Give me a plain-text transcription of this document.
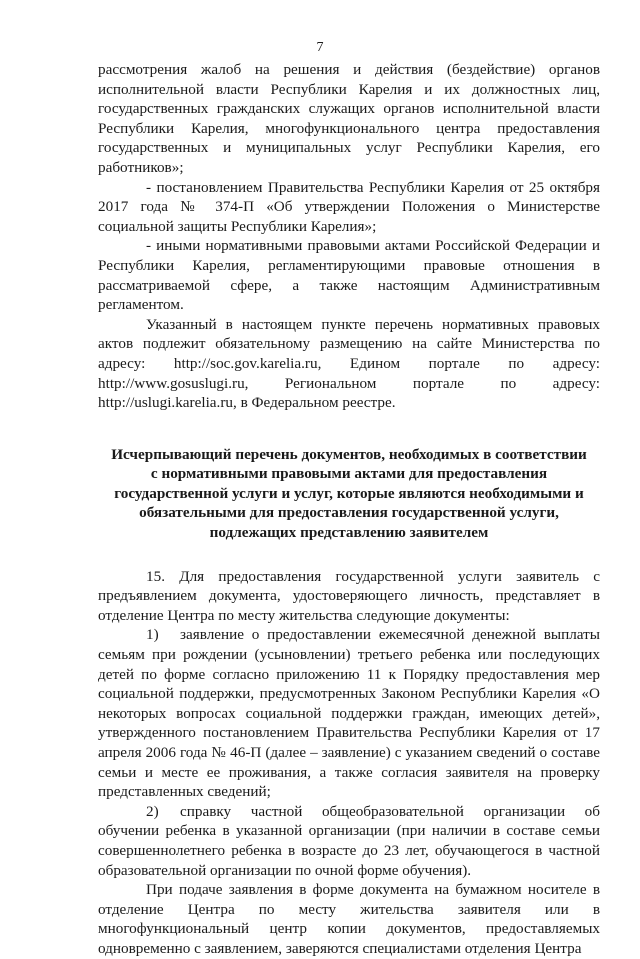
7

рассмотрения жалоб на решения и действия (бездействие) органов исполнительной власти Республики Карелия и их должностных лиц, государственных гражданских служащих органов исполнительной власти Республики Карелия, многофункционального центра предоставления государственных и муниципальных услуг Республики Карелия, его работников»;

- постановлением Правительства Республики Карелия от 25 октября 2017 года № 374-П «Об утверждении Положения о Министерстве социальной защиты Республики Карелия»;

- иными нормативными правовыми актами Российской Федерации и Республики Карелия, регламентирующими правовые отношения в рассматриваемой сфере, а также настоящим Административным регламентом.

Указанный в настоящем пункте перечень нормативных правовых актов подлежит обязательному размещению на сайте Министерства по адресу: http://soc.gov.karelia.ru, Едином портале по адресу: http://www.gosuslugi.ru, Региональном портале по адресу: http://uslugi.karelia.ru, в Федеральном реестре.

Исчерпывающий перечень документов, необходимых в соответствии с нормативными правовыми актами для предоставления государственной услуги и услуг, которые являются необходимыми и обязательными для предоставления государственной услуги, подлежащих представлению заявителем

15. Для предоставления государственной услуги заявитель с предъявлением документа, удостоверяющего личность, представляет в отделение Центра по месту жительства следующие документы:

1) заявление о предоставлении ежемесячной денежной выплаты семьям при рождении (усыновлении) третьего ребенка или последующих детей по форме согласно приложению 11 к Порядку предоставления мер социальной поддержки, предусмотренных Законом Республики Карелия «О некоторых вопросах социальной поддержки граждан, имеющих детей», утвержденного постановлением Правительства Республики Карелия от 17 апреля 2006 года № 46-П (далее – заявление) с указанием сведений о составе семьи и месте ее проживания, а также согласия заявителя на проверку представленных сведений;

2) справку частной общеобразовательной организации об обучении ребенка в указанной организации (при наличии в составе семьи совершеннолетнего ребенка в возрасте до 23 лет, обучающегося в частной образовательной организации по очной форме обучения).

При подаче заявления в форме документа на бумажном носителе в отделение Центра по месту жительства заявителя или в многофункциональный центр копии документов, предоставляемых одновременно с заявлением, заверяются специалистами отделения Центра
